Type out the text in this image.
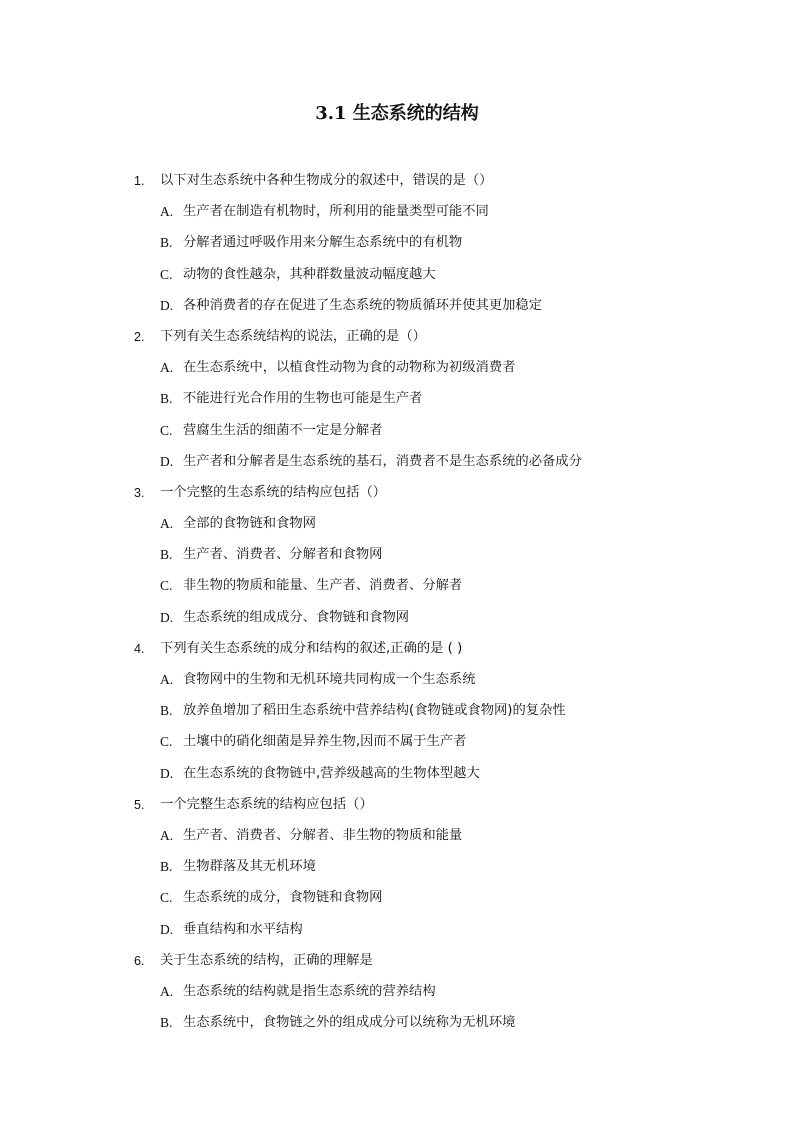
3.1 生态系统的结构
1. 以下对生态系统中各种生物成分的叙述中，错误的是（）
A. 生产者在制造有机物时，所利用的能量类型可能不同
B. 分解者通过呼吸作用来分解生态系统中的有机物
C. 动物的食性越杂，其种群数量波动幅度越大
D. 各种消费者的存在促进了生态系统的物质循环并使其更加稳定
2. 下列有关生态系统结构的说法，正确的是（）
A. 在生态系统中，以植食性动物为食的动物称为初级消费者
B. 不能进行光合作用的生物也可能是生产者
C. 营腐生生活的细菌不一定是分解者
D. 生产者和分解者是生态系统的基石，消费者不是生态系统的必备成分
3. 一个完整的生态系统的结构应包括（）
A. 全部的食物链和食物网
B. 生产者、消费者、分解者和食物网
C. 非生物的物质和能量、生产者、消费者、分解者
D. 生态系统的组成成分、食物链和食物网
4. 下列有关生态系统的成分和结构的叙述,正确的是 ( )
A. 食物网中的生物和无机环境共同构成一个生态系统
B. 放养鱼增加了稻田生态系统中营养结构(食物链或食物网)的复杂性
C. 土壤中的硝化细菌是异养生物,因而不属于生产者
D. 在生态系统的食物链中,营养级越高的生物体型越大
5. 一个完整生态系统的结构应包括（）
A. 生产者、消费者、分解者、非生物的物质和能量
B. 生物群落及其无机环境
C. 生态系统的成分，食物链和食物网
D. 垂直结构和水平结构
6. 关于生态系统的结构，正确的理解是
A. 生态系统的结构就是指生态系统的营养结构
B. 生态系统中，食物链之外的组成成分可以统称为无机环境
